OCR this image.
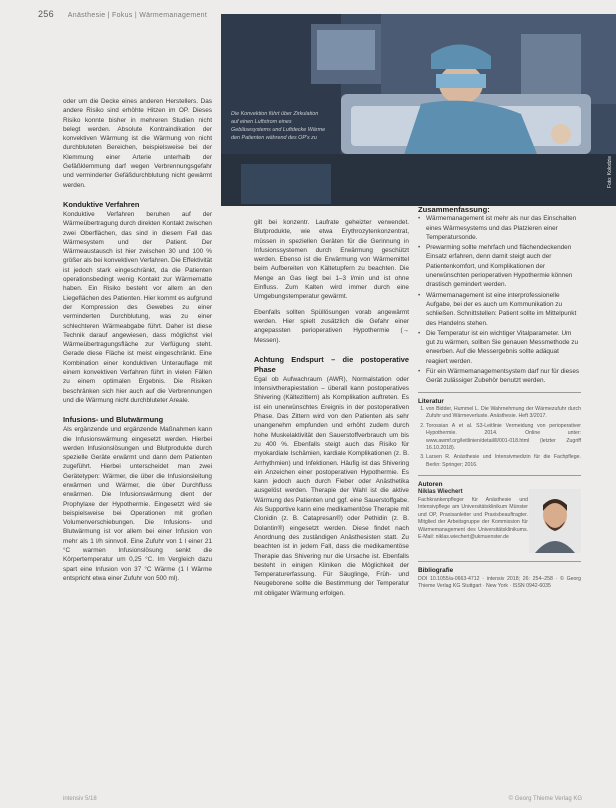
256 Anästhesie | Fokus | Wärmemanagement
Foto: Kolodzie
Die Konvektion führt über Zirkulation auf einen Luftstrom eines Gebläsesystems und Luftdecke Wärme den Patienten während des OP's zu

oder um die Decke eines anderen Herstellers. Das andere Risiko sind erhöhte Hitzen im OP. Dieses Risiko konnte bisher in mehreren Studien nicht belegt werden. Absolute Kontraindikation der konvektiven Wärmung ist die Wärmung von nicht durchbluteten Bereichen, beispielsweise bei der Klemmung einer Arterie unterhalb der Gefäßklemmung darf wegen Verbrennungsgefahr und verminderter Gefäßdurchblutung nicht gewärmt werden.

Konduktive Verfahren

Konduktive Verfahren beruhen auf der Wärmeübertragung durch direkten Kontakt zwischen zwei Oberflächen, das sind in diesem Fall das Wärmesystem und der Patient. Der Wärmeaustausch ist hier zwischen 30 und 100 % größer als bei konvektiven Verfahren. Die Effektivität ist jedoch stark eingeschränkt, da die Patienten operationsbedingt wenig Kontakt zur Wärmematte haben. Ein Risiko besteht vor allem an den Liegeflächen des Patienten. Hier kommt es aufgrund der Kompression des Gewebes zu einer verminderten Durchblutung, was zu einer schlechteren Wärmeabgabe führt. Daher ist diese Technik darauf angewiesen, dass möglichst viel Wärmeübertragungsfläche zur Verfügung steht. Gerade diese Fläche ist meist eingeschränkt. Eine Kombination einer konduktiven Unterauflage mit einem konvektiven Verfahren führt in vielen Fällen zu einem optimalen Ergebnis. Die Risiken beschränken sich hier auch auf die Verbrennungen und die Wärmung nicht durchbluteter Areale.

Infusions- und Blutwärmung

Als ergänzende und ergänzende Maßnahmen kann die Infusionswärmung eingesetzt werden. Hierbei werden Infusionslösungen und Blutprodukte durch spezielle Geräte erwärmt und dann dem Patienten zugeführt. Hierbei unterscheidet man zwei Gerätetypen: Wärmer, die über die Infusionsleitung erwärmen und Wärmer, die über Durchfluss erwärmen. Die Infusionswärmung dient der Prophylaxe der Hypothermie. Eingesetzt wird sie beispielsweise bei Operationen mit großen Volumenverschiebungen. Die Infusions- und Blutwärmung ist vor allem bei einer Infusion von mehr als 1 l/h sinnvoll. Eine Zufuhr von 1 l einer 21 °C warmen Infusionslösung senkt die Körpertemperatur um 0,25 °C. Im Vergleich dazu spart eine Infusion von 37 °C Wärme (1 l Wärme entspricht etwa einer Zufuhr von 500 ml).

gilt bei konzentr. Laufrate geheizter verwendet. Blutprodukte, wie etwa Erythrozytenkonzentrat, müssen in speziellen Geräten für die Gerinnung in Infusionssystemen durch Erwärmung geschützt werden. Ebenso ist die Erwärmung von Wärmemittel beim Aufbereiten von Kältetupfern zu beachten. Die Menge an Gas liegt bei 1–3 l/min und ist ohne Einfluss. Zum Kalten wird immer durch eine Umgebungstemperatur gewärmt.

Ebenfalls sollten Spüllösungen vorab angewärmt werden. Hier spielt zusätzlich die Gefahr einer angepassten perioperativen Hypothermie (→ Messen).

Achtung Endspurt – die postoperative Phase

Egal ob Aufwachraum (AWR), Normalstation oder Intensivtherapiestation – überall kann postoperatives Shivering (Kältezittern) als Komplikation auftreten. Es ist ein unerwünschtes Ereignis in der postoperativen Phase. Das Zittern wird von den Patienten als sehr unangenehm empfunden und erhöht zudem durch hohe Muskelaktivität den Sauerstoffverbrauch um bis zu 400 %. Ebenfalls steigt auch das Risiko für myokardiale Ischämien, kardiale Komplikationen (z. B. Arrhythmien) und Infektionen. Häufig ist das Shivering ein Anzeichen einer postoperativen Hypothermie. Es kann jedoch auch durch Fieber oder Anästhetika ausgelöst werden. Therapie der Wahl ist die aktive Wärmung des Patienten und ggf. eine Sauerstoffgabe. Als Supportive kann eine medikamentöse Therapie mit Clonidin (z. B. Catapresan®) oder Pethidin (z. B. Dolantin®) eingesetzt werden. Diese findet nach Anordnung des zuständigen Anästhesisten statt. Zu beachten ist in jedem Fall, dass die medikamentöse Therapie das Shivering nur die Ursache ist. Ebenfalls besteht in einigen Kliniken die Möglichkeit der Temperaturerfassung. Für Säuglinge, Früh- und Neugeborene sollte die Bestimmung der Temperatur mit obligater Wärmung erfolgen.

Zusammenfassung:

• Wärmemanagement ist mehr als nur das Einschalten eines Wärmesystems und das Platzieren einer Temperatursonde.
• Prewarming sollte mehrfach und flächendeckenden Einsatz erfahren, denn damit steigt auch der Patientenkomfort, und Komplikationen der unerwünschten perioperativen Hypothermie können drastisch gemindert werden.
• Wärmemanagement ist eine interprofessionelle Aufgabe, bei der es auch um Kommunikation zu schließen. Schnittstellen: Patient sollte im Mittelpunkt des Handelns stehen.
• Die Temperatur ist ein wichtiger Vitalparameter. Um gut zu wärmen, sollten Sie genauen Messmethode zu erwerben. Auf die Messergebnis sollte adäquat reagiert werden.
• Für ein Wärmemanagementsystem darf nur für dieses Gerät zulässiger Zubehör benutzt werden.

Literatur

1. von Bidder, Hummel L. Die Wahrnehmung der Wärmezufuhr durch Zufuhr und Wärmeverluste. Anästhesie. Heft 3/2017.
2. Torossian A et al. S3-Leitlinie Vermeidung von perioperativer Hypothermie. 2014. Online unter: www.awmf.org/leitlinien/detail/ll/001-018.html (letzter Zugriff 16.10.2018).
3. Larsen R. Anästhesie und Intensivmedizin für die Fachpflege. Berlin: Springer; 2016.

Autoren

Niklas Wiechert
Fachkrankenpfleger für Anästhesie und Intensivpflege am Universitätsklinikum Münster und OP, Praxisanleiter und Praxisbeauftragter. Mitglied der Arbeitsgruppe der Kommission für Wärmemanagement des Universitätsklinikums. E-Mail: niklas.wiechert@ukmuenster.de

Bibliografie

DOI 10.1055/a-0663-4712 · intensiv 2018; 26: 254–258 · © Georg Thieme Verlag KG Stuttgart · New York · ISSN 0942-6035

intensiv 5/18	© Georg Thieme Verlag KG
